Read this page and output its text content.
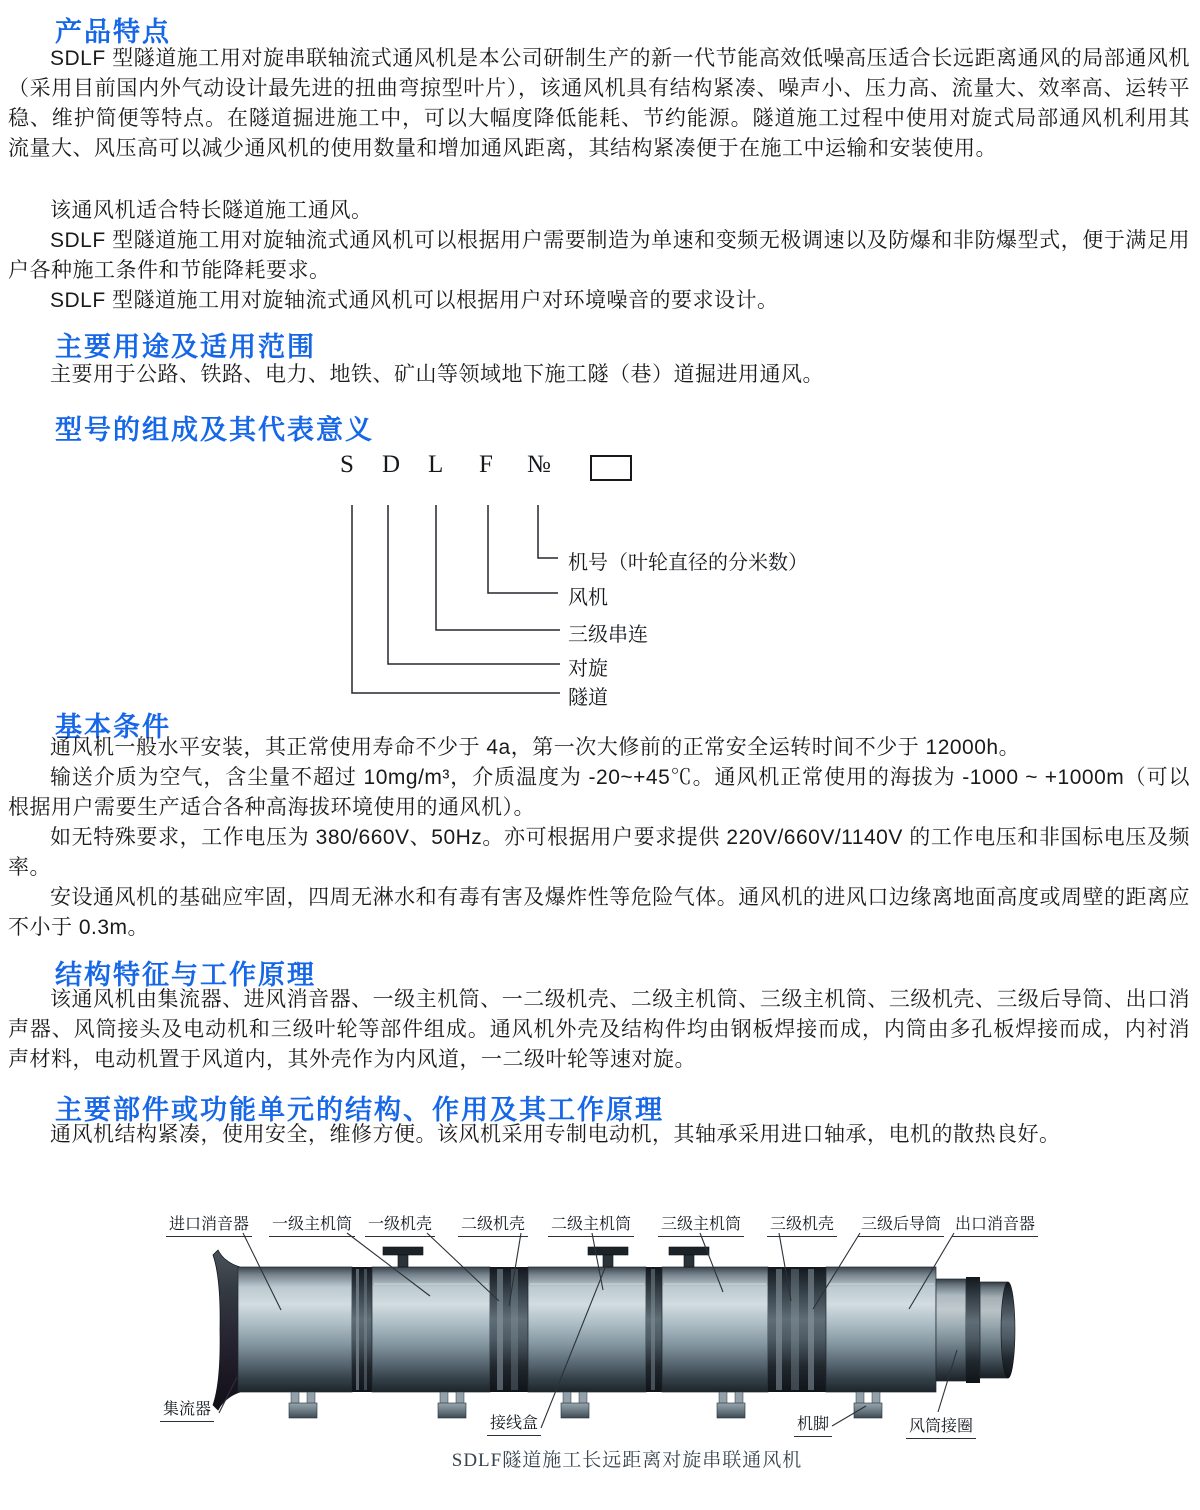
产品特点

SDLF 型隧道施工用对旋串联轴流式通风机是本公司研制生产的新一代节能高效低噪高压适合长远距离通风的局部通风机（采用目前国内外气动设计最先进的扭曲弯掠型叶片），该通风机具有结构紧凑、噪声小、压力高、流量大、效率高、运转平稳、维护简便等特点。在隧道掘进施工中，可以大幅度降低能耗、节约能源。隧道施工过程中使用对旋式局部通风机利用其流量大、风压高可以减少通风机的使用数量和增加通风距离，其结构紧凑便于在施工中运输和安装使用。

该通风机适合特长隧道施工通风。

SDLF 型隧道施工用对旋轴流式通风机可以根据用户需要制造为单速和变频无极调速以及防爆和非防爆型式，便于满足用户各种施工条件和节能降耗要求。

SDLF 型隧道施工用对旋轴流式通风机可以根据用户对环境噪音的要求设计。

主要用途及适用范围

主要用于公路、铁路、电力、地铁、矿山等领域地下施工隧（巷）道掘进用通风。

型号的组成及其代表意义
S D L F №
机号（叶轮直径的分米数）
风机
三级串连
对旋
隧道
基本条件

通风机一般水平安装，其正常使用寿命不少于 4a，第一次大修前的正常安全运转时间不少于 12000h。

输送介质为空气，含尘量不超过 10mg/m³，介质温度为 -20~+45℃。通风机正常使用的海拔为 -1000 ~ +1000m（可以根据用户需要生产适合各种高海拔环境使用的通风机）。

如无特殊要求，工作电压为 380/660V、50Hz。亦可根据用户要求提供 220V/660V/1140V 的工作电压和非国标电压及频率。

安设通风机的基础应牢固，四周无淋水和有毒有害及爆炸性等危险气体。通风机的进风口边缘离地面高度或周壁的距离应不小于 0.3m。

结构特征与工作原理

该通风机由集流器、进风消音器、一级主机筒、一二级机壳、二级主机筒、三级主机筒、三级机壳、三级后导筒、出口消声器、风筒接头及电动机和三级叶轮等部件组成。通风机外壳及结构件均由钢板焊接而成，内筒由多孔板焊接而成，内衬消声材料，电动机置于风道内，其外壳作为内风道，一二级叶轮等速对旋。

主要部件或功能单元的结构、作用及其工作原理

通风机结构紧凑，使用安全，维修方便。该风机采用专制电动机，其轴承采用进口轴承，电机的散热良好。

进口消音器 一级主机筒 一级机壳 二级机壳 二级主机筒 三级主机筒 三级机壳 三级后导筒 出口消音器
集流器
接线盒	机脚	风筒接圈
SDLF隧道施工长远距离对旋串联通风机
